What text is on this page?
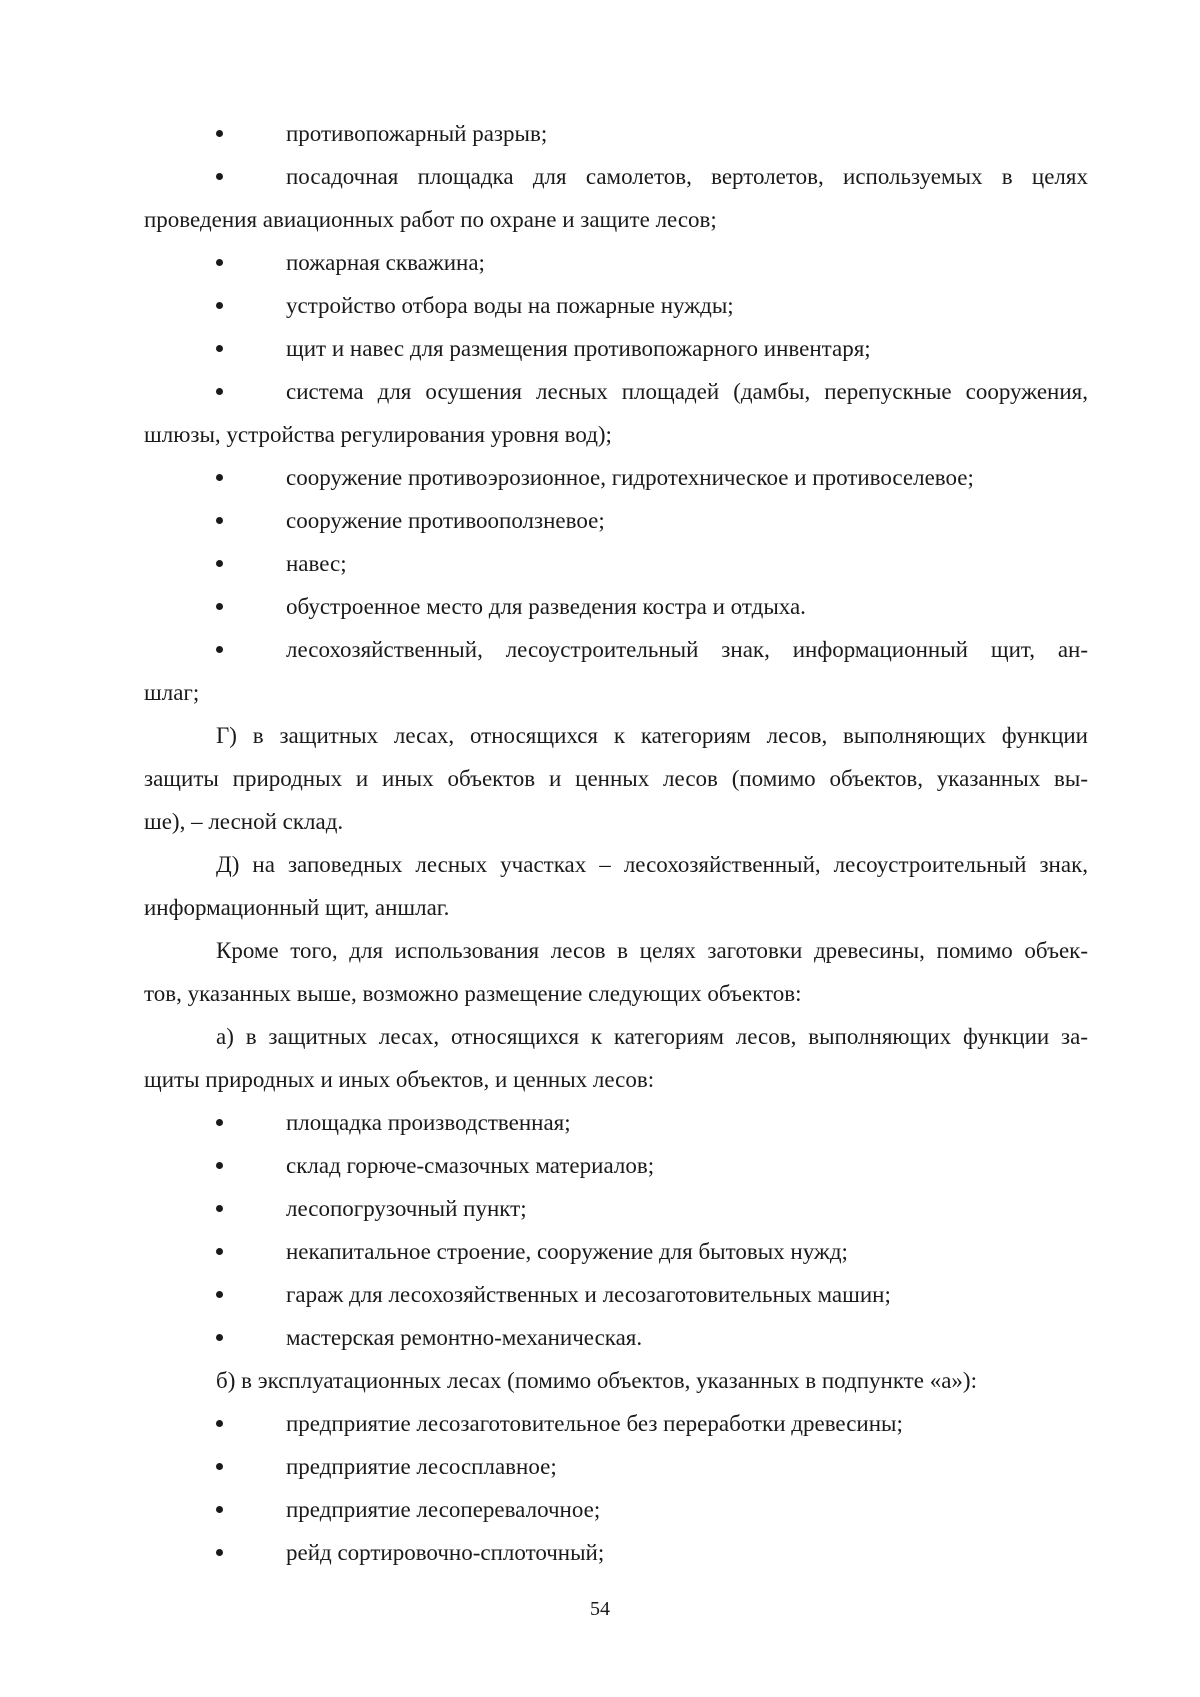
противопожарный разрыв;
посадочная площадка для самолетов, вертолетов, используемых в целях
проведения авиационных работ по охране и защите лесов;
пожарная скважина;
устройство отбора воды на пожарные нужды;
щит и навес для размещения противопожарного инвентаря;
система для осушения лесных площадей (дамбы, перепускные сооружения,
шлюзы, устройства регулирования уровня вод);
сооружение противоэрозионное, гидротехническое и противоселевое;
сооружение противооползневое;
навес;
обустроенное место для разведения костра и отдыха.
лесохозяйственный, лесоустроительный знак, информационный щит, ан-
шлаг;
Г) в защитных лесах, относящихся к категориям лесов, выполняющих функции
защиты природных и иных объектов и ценных лесов (помимо объектов, указанных вы-
ше), – лесной склад.
Д) на заповедных лесных участках – лесохозяйственный, лесоустроительный знак,
информационный щит, аншлаг.
Кроме того, для использования лесов в целях заготовки древесины, помимо объек-
тов, указанных выше, возможно размещение следующих объектов:
а) в защитных лесах, относящихся к категориям лесов, выполняющих функции за-
щиты природных и иных объектов, и ценных лесов:
площадка производственная;
склад горюче-смазочных материалов;
лесопогрузочный пункт;
некапитальное строение, сооружение для бытовых нужд;
гараж для лесохозяйственных и лесозаготовительных машин;
мастерская ремонтно-механическая.
б) в эксплуатационных лесах (помимо объектов, указанных в подпункте «а»):
предприятие лесозаготовительное без переработки древесины;
предприятие лесосплавное;
предприятие лесоперевалочное;
рейд сортировочно-сплоточный;
54
